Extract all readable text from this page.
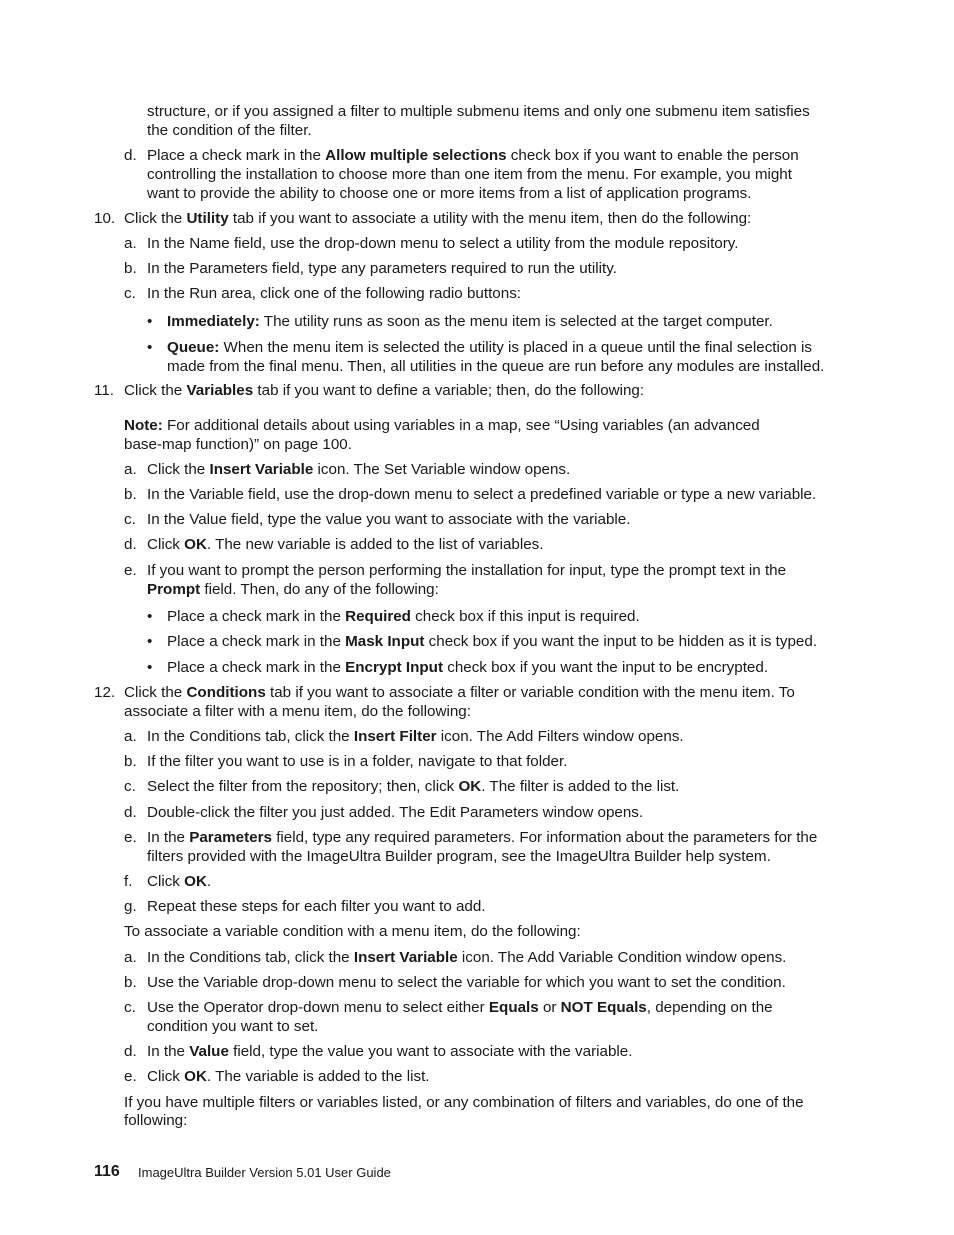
structure, or if you assigned a filter to multiple submenu items and only one submenu item satisfies
the condition of the filter.
d. Place a check mark in the Allow multiple selections check box if you want to enable the person
controlling the installation to choose more than one item from the menu. For example, you might
want to provide the ability to choose one or more items from a list of application programs.
10. Click the Utility tab if you want to associate a utility with the menu item, then do the following:
a. In the Name field, use the drop-down menu to select a utility from the module repository.
b. In the Parameters field, type any parameters required to run the utility.
c. In the Run area, click one of the following radio buttons:
• Immediately: The utility runs as soon as the menu item is selected at the target computer.
• Queue: When the menu item is selected the utility is placed in a queue until the final selection is
made from the final menu. Then, all utilities in the queue are run before any modules are installed.
11. Click the Variables tab if you want to define a variable; then, do the following:
Note: For additional details about using variables in a map, see “Using variables (an advanced
base-map function)” on page 100.
a. Click the Insert Variable icon. The Set Variable window opens.
b. In the Variable field, use the drop-down menu to select a predefined variable or type a new variable.
c. In the Value field, type the value you want to associate with the variable.
d. Click OK. The new variable is added to the list of variables.
e. If you want to prompt the person performing the installation for input, type the prompt text in the
Prompt field. Then, do any of the following:
• Place a check mark in the Required check box if this input is required.
• Place a check mark in the Mask Input check box if you want the input to be hidden as it is typed.
• Place a check mark in the Encrypt Input check box if you want the input to be encrypted.
12. Click the Conditions tab if you want to associate a filter or variable condition with the menu item. To
associate a filter with a menu item, do the following:
a. In the Conditions tab, click the Insert Filter icon. The Add Filters window opens.
b. If the filter you want to use is in a folder, navigate to that folder.
c. Select the filter from the repository; then, click OK. The filter is added to the list.
d. Double-click the filter you just added. The Edit Parameters window opens.
e. In the Parameters field, type any required parameters. For information about the parameters for the
filters provided with the ImageUltra Builder program, see the ImageUltra Builder help system.
f. Click OK.
g. Repeat these steps for each filter you want to add.
To associate a variable condition with a menu item, do the following:
a. In the Conditions tab, click the Insert Variable icon. The Add Variable Condition window opens.
b. Use the Variable drop-down menu to select the variable for which you want to set the condition.
c. Use the Operator drop-down menu to select either Equals or NOT Equals, depending on the
condition you want to set.
d. In the Value field, type the value you want to associate with the variable.
e. Click OK. The variable is added to the list.
If you have multiple filters or variables listed, or any combination of filters and variables, do one of the
following:
116 ImageUltra Builder Version 5.01 User Guide
